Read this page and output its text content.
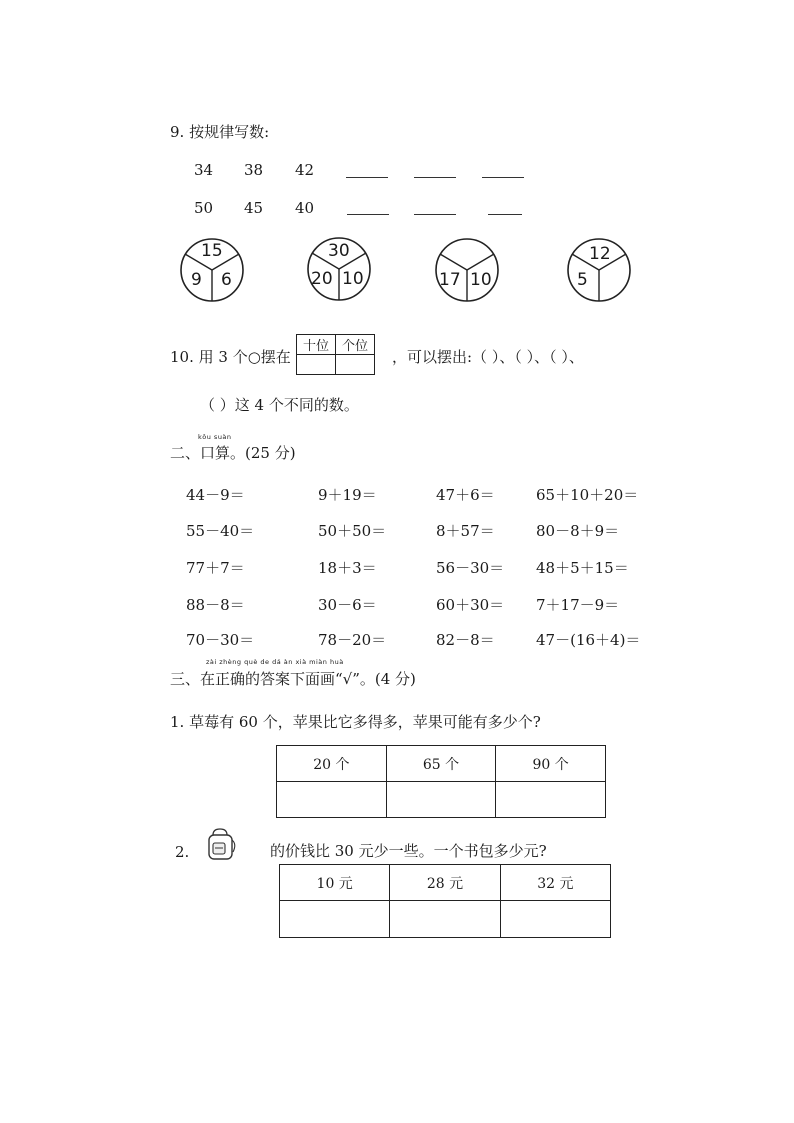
9. 按规律写数:
34 38 42
50 45 40
15
9 6
30
20 10	17 10
12
5
10. 用 3 个○摆在
十位	个位

，可以摆出:（ ）、（ ）、（ ）、
（ ）这 4 个不同的数。
kǒu suàn
二、口算。(25 分)
44－9＝	9＋19＝	47＋6＝	65＋10＋20＝
55－40＝	50＋50＝	8＋57＝	80－8＋9＝
77＋7＝	18＋3＝	56－30＝ 48＋5＋15＝
88－8＝	30－6＝	60＋30＝ 7＋17－9＝
70－30＝	78－20＝	82－8＝	47－(16＋4)＝
zài zhèng què de dá àn xià miàn huà
三、在正确的答案下面画“√”。(4 分)
1. 草莓有 60 个，苹果比它多得多，苹果可能有多少个?
20 个	65 个	90 个

2.	的价钱比 30 元少一些。一个书包多少元?
10 元	28 元	32 元
